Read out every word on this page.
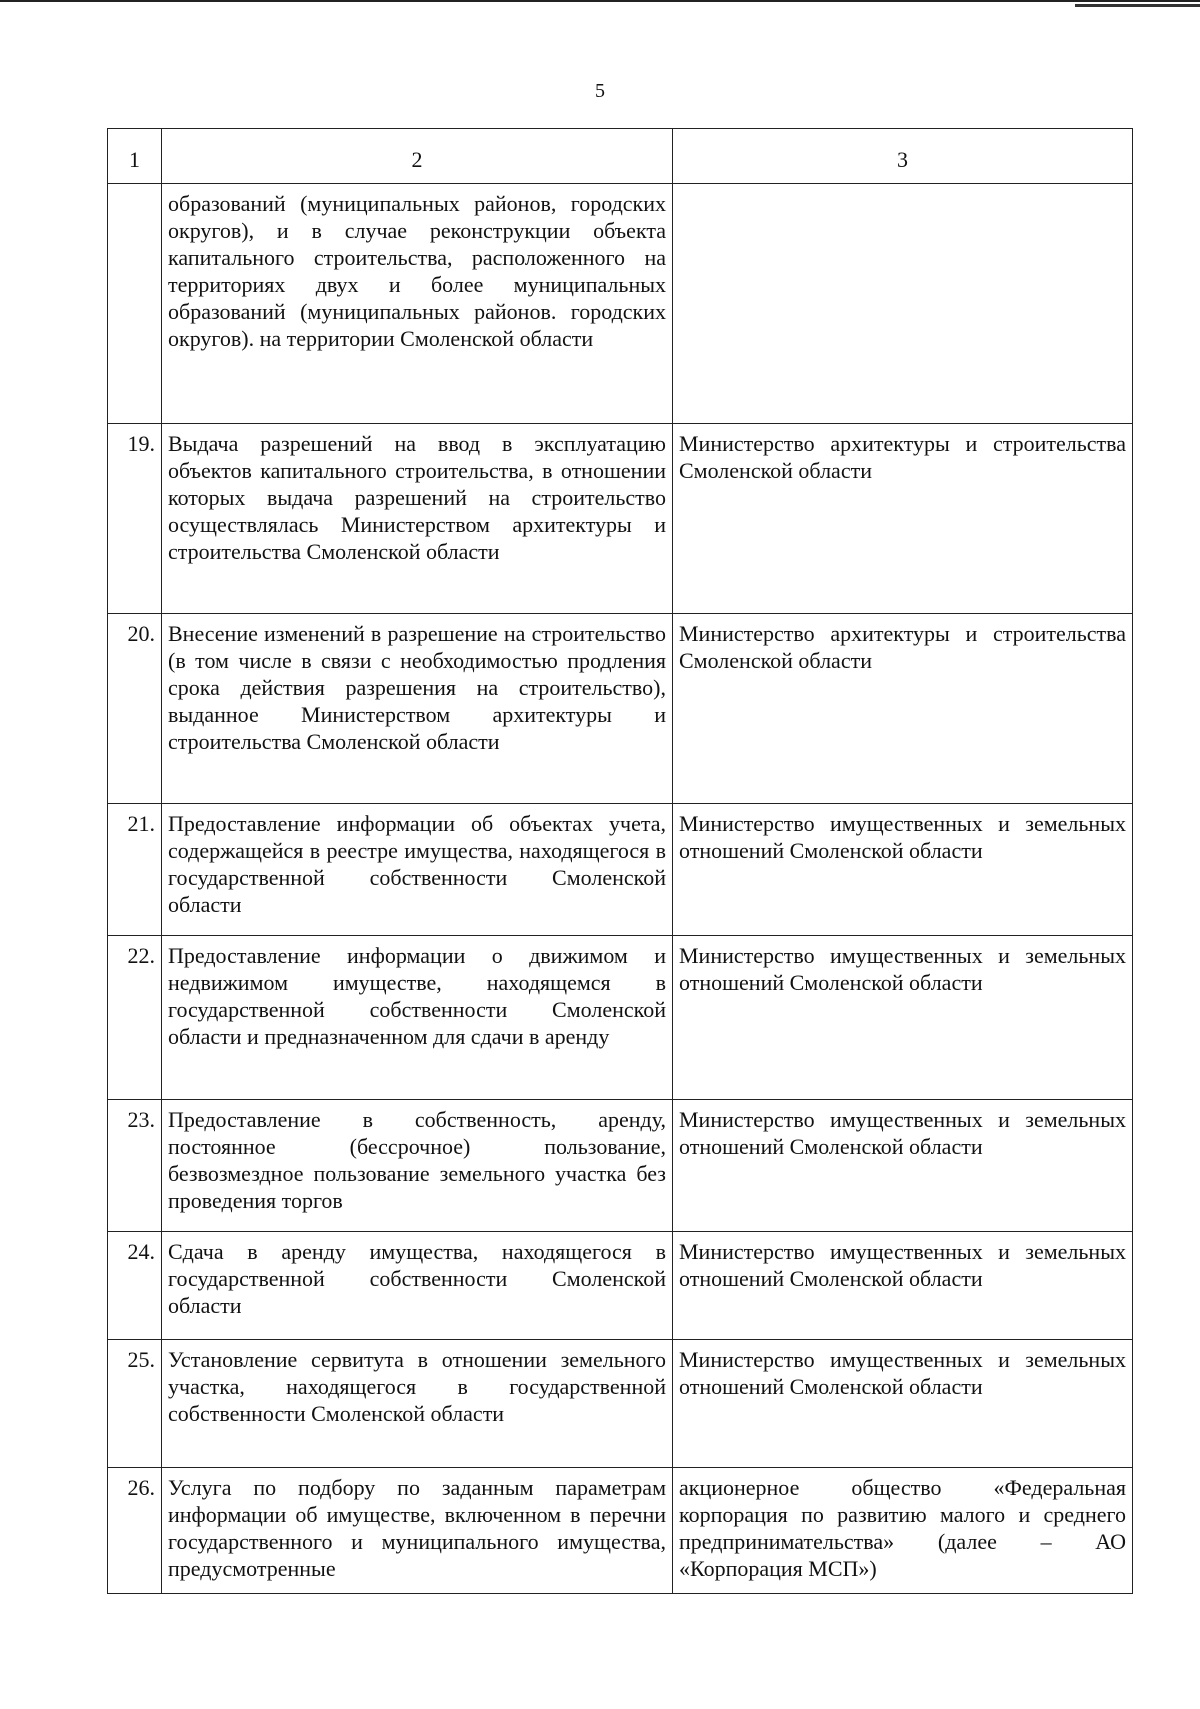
5
1	2	3
	образований (муниципальных районов, городских округов), и в случае реконструкции объекта капитального строительства, расположенного на территориях двух и более муниципальных образований (муниципальных районов. городских округов). на территории Смоленской области	
19.	Выдача разрешений на ввод в эксплуатацию объектов капитального строительства, в отношении которых выдача разрешений на строительство осуществлялась Министерством архитектуры и строительства Смоленской области	Министерство архитектуры и строительства Смоленской области
20.	Внесение изменений в разрешение на строительство (в том числе в связи с необходимостью продления срока действия разрешения на строительство), выданное Министерством архитектуры и строительства Смоленской области	Министерство архитектуры и строительства Смоленской области
21.	Предоставление информации об объектах учета, содержащейся в реестре имущества, находящегося в государственной собственности Смоленской области	Министерство имущественных и земельных отношений Смоленской области
22.	Предоставление информации о движимом и недвижимом имуществе, находящемся в государственной собственности Смоленской области и предназначенном для сдачи в аренду	Министерство имущественных и земельных отношений Смоленской области
23.	Предоставление в собственность, аренду, постоянное (бессрочное) пользование, безвозмездное пользование земельного участка без проведения торгов	Министерство имущественных и земельных отношений Смоленской области
24.	Сдача в аренду имущества, находящегося в государственной собственности Смоленской области	Министерство имущественных и земельных отношений Смоленской области
25.	Установление сервитута в отношении земельного участка, находящегося в государственной собственности Смоленской области	Министерство имущественных и земельных отношений Смоленской области
26.	Услуга по подбору по заданным параметрам информации об имуществе, включенном в перечни государственного и муниципального имущества, предусмотренные	акционерное общество «Федеральная корпорация по развитию малого и среднего предпринимательства» (далее – АО «Корпорация МСП»)
